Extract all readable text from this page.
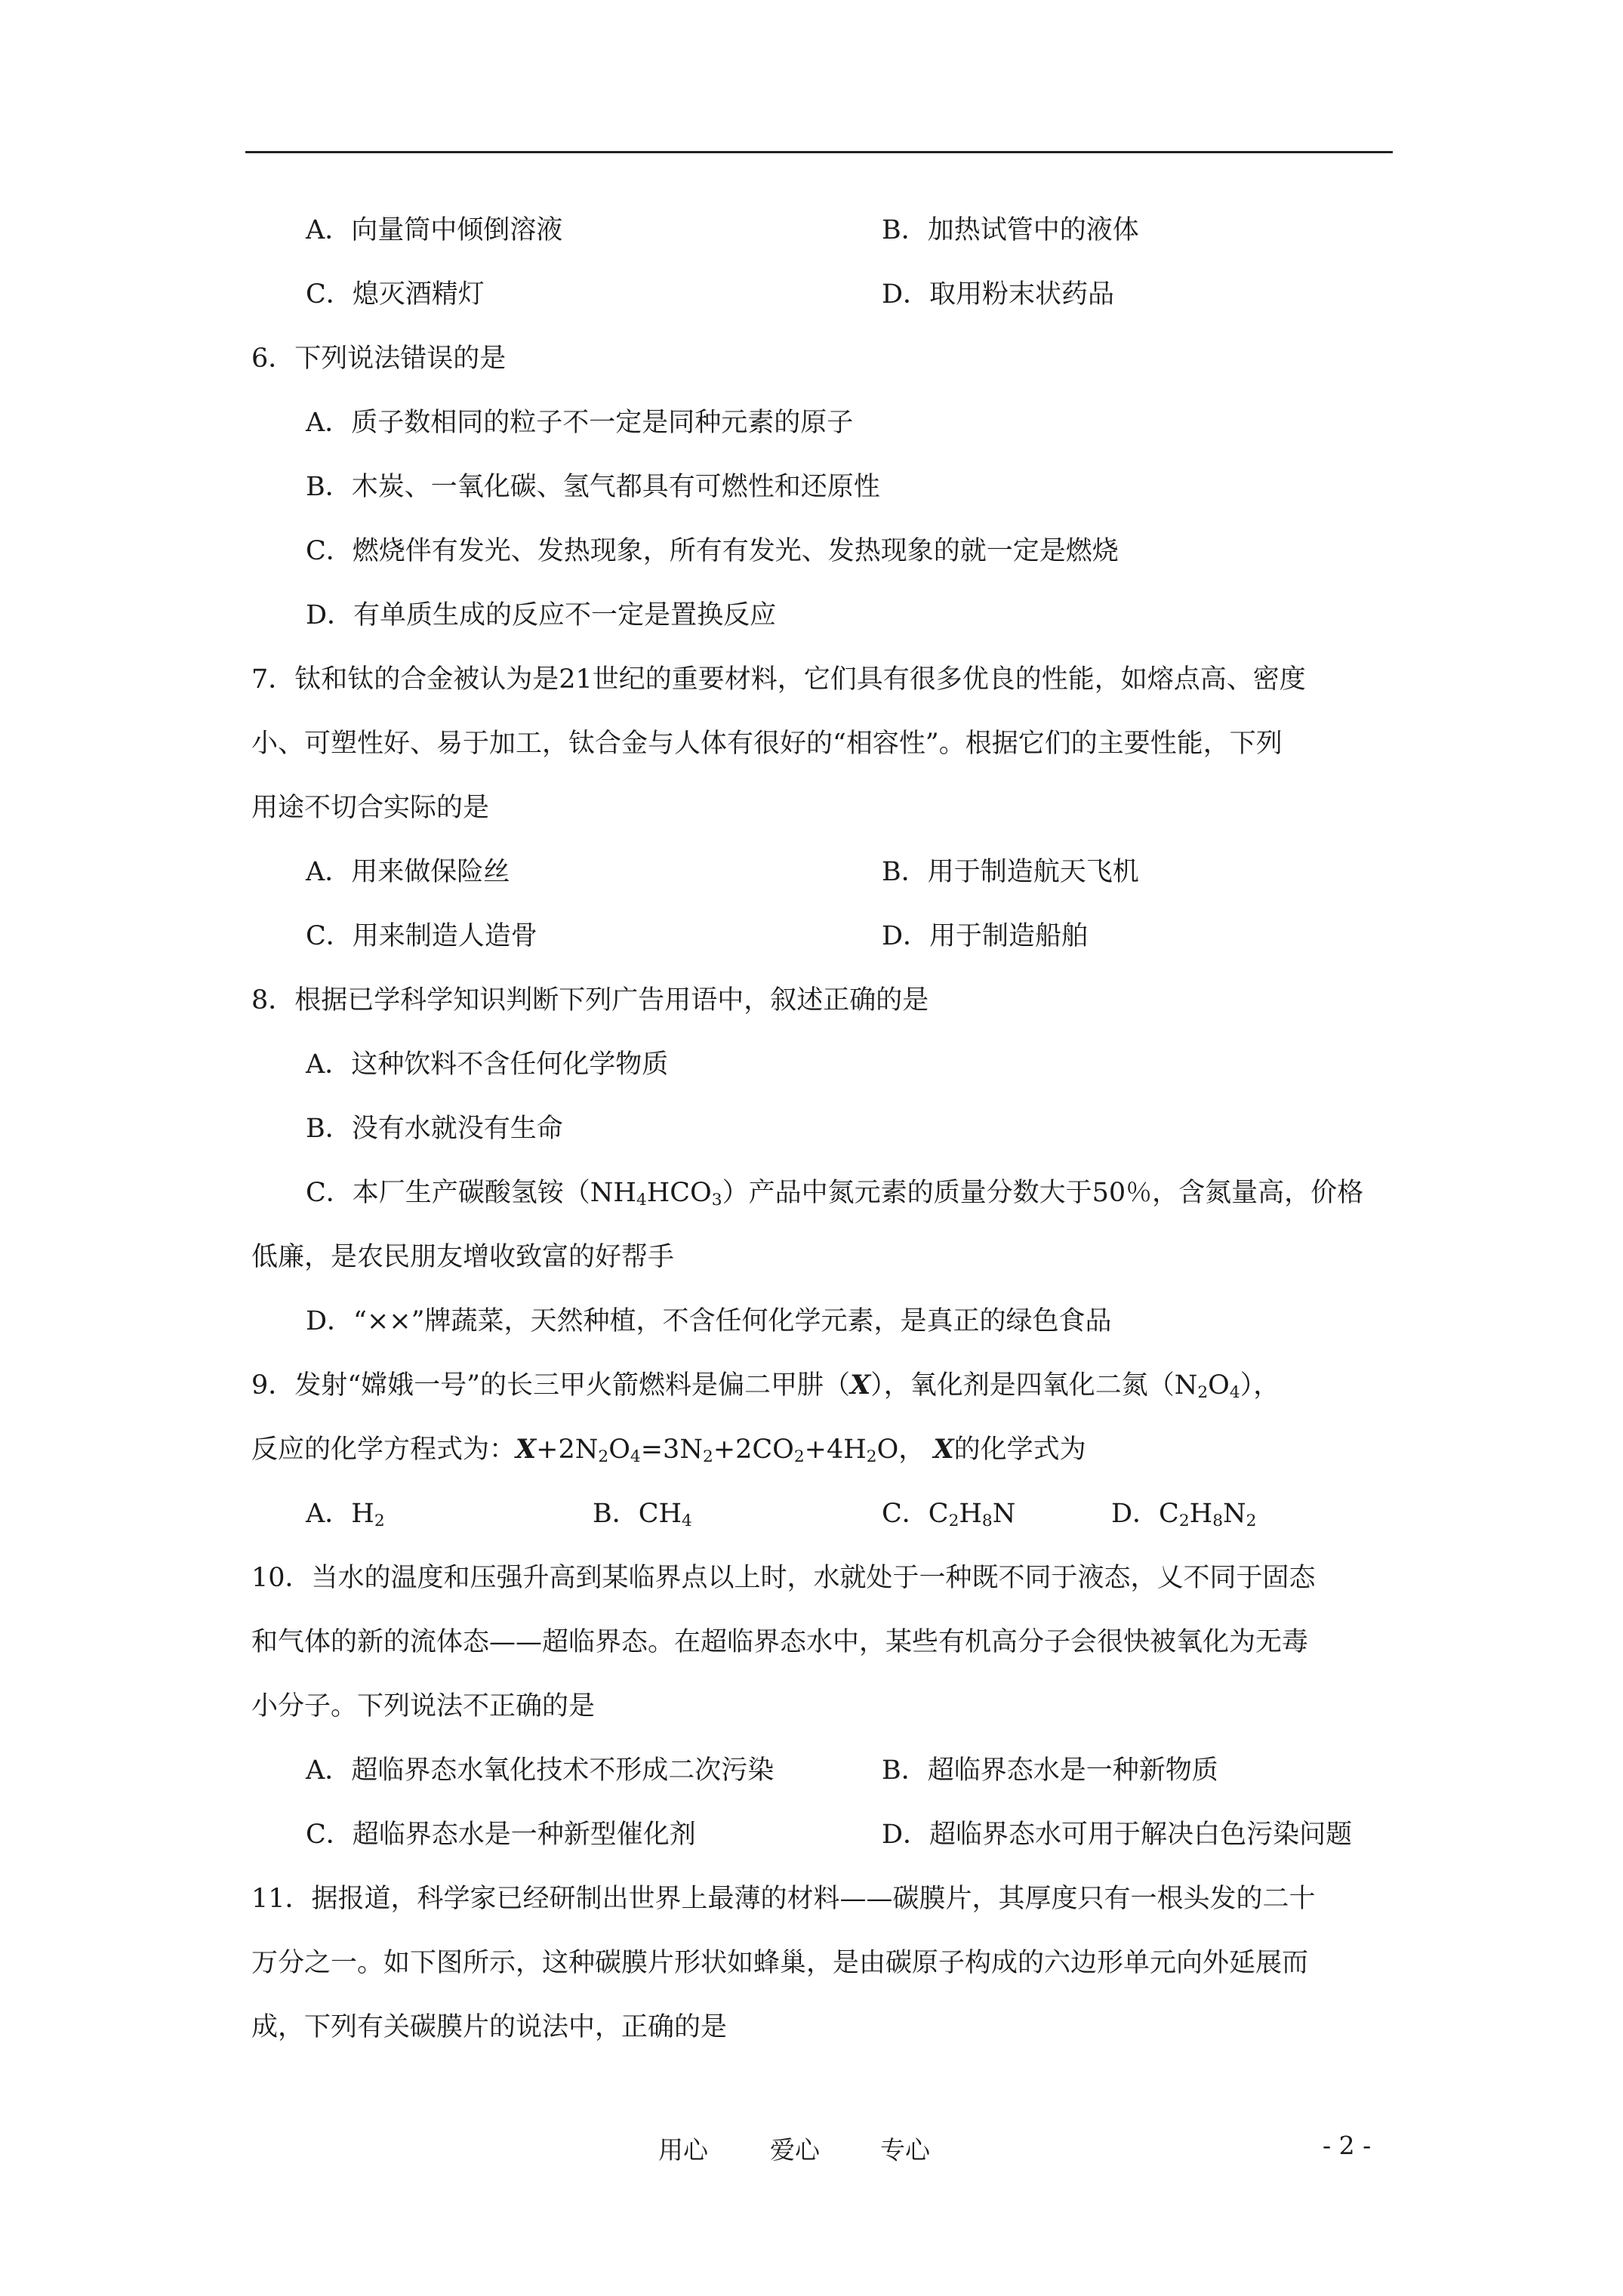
A．向量筒中倾倒溶液	B．加热试管中的液体
C．熄灭酒精灯	D．取用粉末状药品
6．下列说法错误的是
A．质子数相同的粒子不一定是同种元素的原子
B．木炭、一氧化碳、氢气都具有可燃性和还原性
C．燃烧伴有发光、发热现象，所有有发光、发热现象的就一定是燃烧
D．有单质生成的反应不一定是置换反应
7．钛和钛的合金被认为是21世纪的重要材料，它们具有很多优良的性能，如熔点高、密度
小、可塑性好、易于加工，钛合金与人体有很好的“相容性”。根据它们的主要性能，下列
用途不切合实际的是
A．用来做保险丝	B．用于制造航天飞机
C．用来制造人造骨	D．用于制造船舶
8．根据已学科学知识判断下列广告用语中，叙述正确的是
A．这种饮料不含任何化学物质
B．没有水就没有生命
C．本厂生产碳酸氢铵$(NH_4HCO_3)$产品中氮元素的质量分数大于50％，含氮量高，价格
低廉，是农民朋友增收致富的好帮手
D．“××”牌蔬菜，天然种植，不含任何化学元素，是真正的绿色食品
9．发射“嫦娥一号”的长三甲火箭燃料是偏二甲肼（X），氧化剂是四氧化二氮$(N_2O_4)$，
反应的化学方程式为：$X+2N_2O_4=3N_2+2CO_2+4H_2O$， X的化学式为
A．$H_2$	B．$CH_4$	C．$C_2H_8N$	D．$C_2H_8N_2$
10．当水的温度和压强升高到某临界点以上时，水就处于一种既不同于液态，乂不同于固态
和气体的新的流体态——超临界态。在超临界态水中，某些有机高分子会很快被氧化为无毒
小分子。下列说法不正确的是
A．超临界态水氧化技术不形成二次污染	B．超临界态水是一种新物质
C．超临界态水是一种新型催化剂	D．超临界态水可用于解决白色污染问题
11．据报道，科学家已经研制出世界上最薄的材料——碳膜片，其厚度只有一根头发的二十
万分之一。如下图所示，这种碳膜片形状如蜂巢，是由碳原子构成的六边形单元向外延展而
成，下列有关碳膜片的说法中，正确的是
用心 爱心 专心	- 2 -
